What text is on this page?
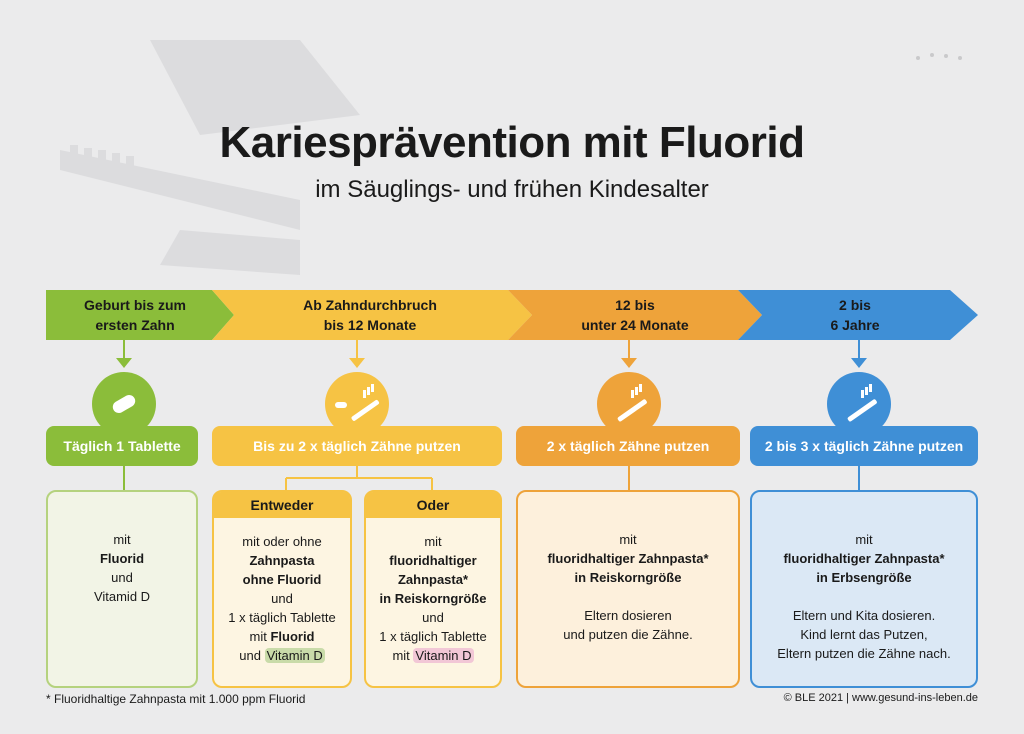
Kariesprävention mit Fluorid
im Säuglings- und frühen Kindesalter
Geburt bis zum
ersten Zahn
Ab Zahndurchbruch
bis 12 Monate
12 bis
unter 24 Monate
2 bis
6 Jahre
Täglich 1 Tablette	Bis zu 2 x täglich Zähne putzen	2 x täglich Zähne putzen	2 bis 3 x täglich Zähne putzen
mit
Fluorid
und
Vitamid D
Entweder
mit oder ohne
Zahnpasta
ohne Fluorid
und
1 x täglich Tablette
mit Fluorid
und Vitamin D
Oder
mit
fluoridhaltiger
Zahnpasta*
in Reiskorngröße
und
1 x täglich Tablette
mit Vitamin D
mit
fluoridhaltiger Zahnpasta*
in Reiskorngröße
Eltern dosieren
und putzen die Zähne.
mit
fluoridhaltiger Zahnpasta*
in Erbsengröße
Eltern und Kita dosieren.
Kind lernt das Putzen,
Eltern putzen die Zähne nach.
* Fluoridhaltige Zahnpasta mit 1.000 ppm Fluorid	© BLE 2021 | www.gesund-ins-leben.de
